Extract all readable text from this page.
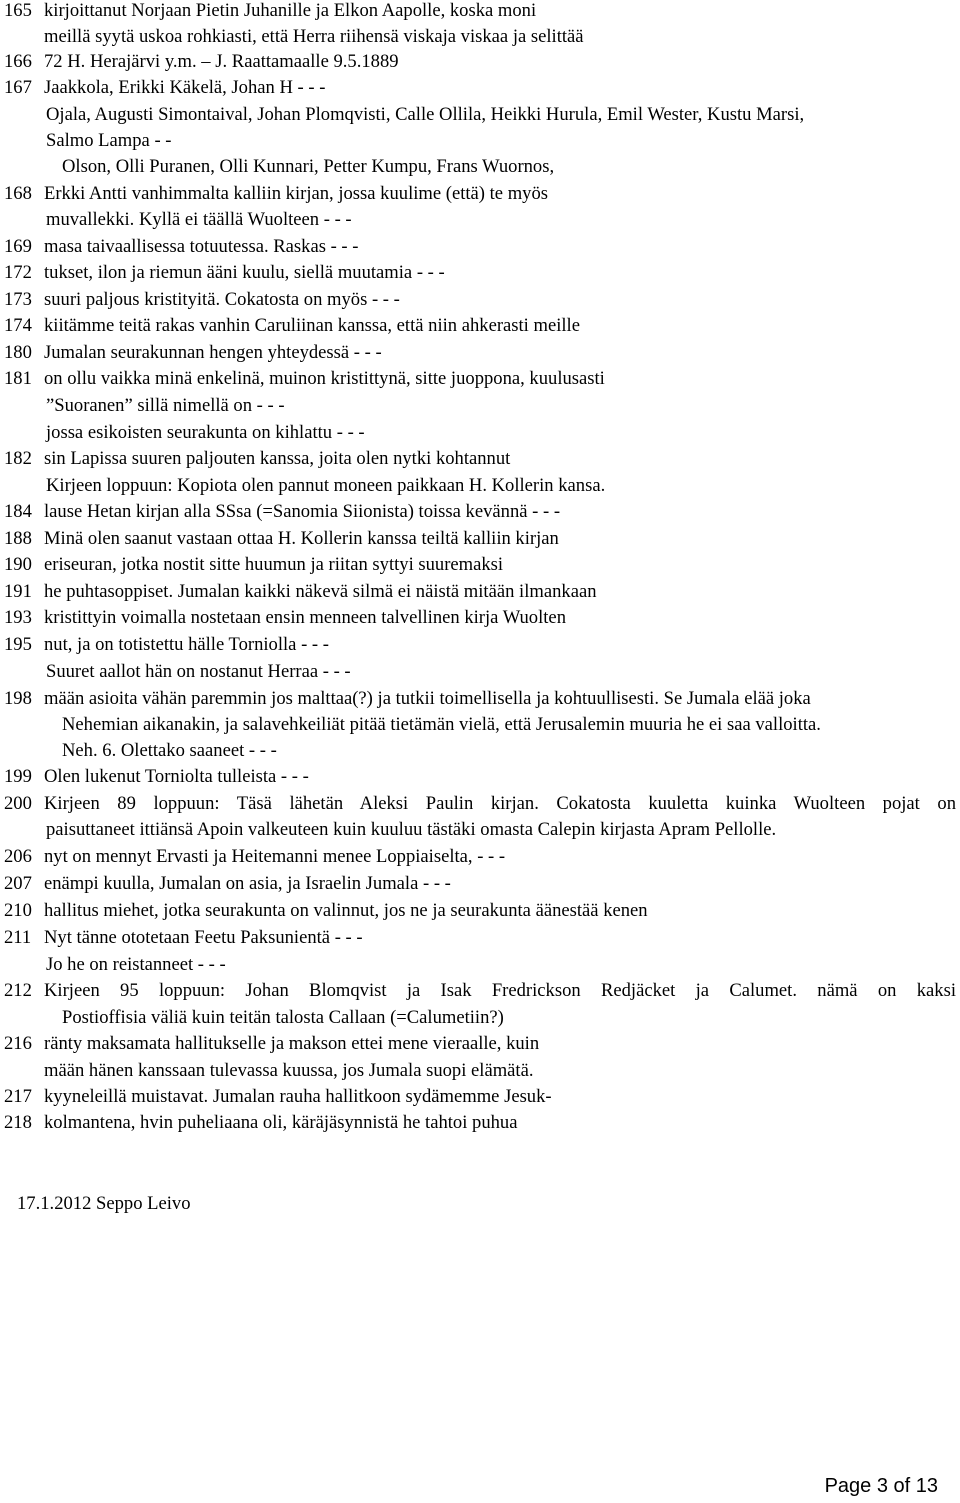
165 kirjoittanut Norjaan Pietin Juhanille ja Elkon Aapolle, koska moni
meillä syytä uskoa rohkiasti, että Herra riihensä viskaja viskaa ja selittää
166 72 H. Herajärvi y.m. – J. Raattamaalle 9.5.1889
167 Jaakkola, Erikki Käkelä, Johan H - - -
Ojala, Augusti Simontaival, Johan Plomqvisti, Calle Ollila, Heikki Hurula, Emil Wester, Kustu Marsi,
Salmo Lampa - -
Olson, Olli Puranen, Olli Kunnari, Petter Kumpu, Frans Wuornos,
168 Erkki Antti vanhimmalta kalliin kirjan, jossa kuulime (että) te myös
muvallekki. Kyllä ei täällä Wuolteen - - -
169 masa taivaallisessa totuutessa. Raskas - - -
172 tukset, ilon ja riemun ääni kuulu, siellä muutamia - - -
173 suuri paljous kristityitä. Cokatosta on myös - - -
174 kiitämme teitä rakas vanhin Caruliinan kanssa, että niin ahkerasti meille
180 Jumalan seurakunnan hengen yhteydessä - - -
181 on ollu vaikka minä enkelinä, muinon kristittynä, sitte juoppona, kuulusasti
”Suoranen” sillä nimellä on - - -
jossa esikoisten seurakunta on kihlattu - - -
182 sin Lapissa suuren paljouten kanssa, joita olen nytki kohtannut
Kirjeen loppuun: Kopiota olen pannut moneen paikkaan H. Kollerin kansa.
184 lause Hetan kirjan alla SSsa (=Sanomia Siionista) toissa kevännä - - -
188 Minä olen saanut vastaan ottaa H. Kollerin kanssa teiltä kalliin kirjan
190 eriseuran, jotka nostit sitte huumun ja riitan syttyi suuremaksi
191 he puhtasoppiset. Jumalan kaikki näkevä silmä ei näistä mitään ilmankaan
193 kristittyin voimalla nostetaan ensin menneen talvellinen kirja Wuolten
195 nut, ja on totistettu hälle Torniolla - - -
Suuret aallot hän on nostanut Herraa - - -
198 mään asioita vähän paremmin jos malttaa(?) ja tutkii toimellisella ja kohtuullisesti. Se Jumala elää joka
Nehemian aikanakin, ja salavehkeiliät pitää tietämän vielä, että Jerusalemin muuria he ei saa valloitta.
Neh. 6. Olettako saaneet - - -
199 Olen lukenut Torniolta tulleista - - -
200 Kirjeen 89 loppuun: Täsä lähetän Aleksi Paulin kirjan. Cokatosta kuuletta kuinka Wuolteen pojat on
paisuttaneet ittiänsä Apoin valkeuteen kuin kuuluu tästäki omasta Calepin kirjasta Apram Pellolle.
206 nyt on mennyt Ervasti ja Heitemanni menee Loppiaiselta, - - -
207 enämpi kuulla, Jumalan on asia, ja Israelin Jumala - - -
210 hallitus miehet, jotka seurakunta on valinnut, jos ne ja seurakunta äänestää kenen
211 Nyt tänne ototetaan Feetu Paksunientä - - -
Jo he on reistanneet - - -
212 Kirjeen 95 loppuun: Johan Blomqvist ja Isak Fredrickson Redjäcket ja Calumet. nämä on kaksi
Postioffisia väliä kuin teitän talosta Callaan (=Calumetiin?)
216 ränty maksamata hallitukselle ja makson ettei mene vieraalle, kuin
mään hänen kanssaan tulevassa kuussa, jos Jumala suopi elämätä.
217 kyyneleillä muistavat. Jumalan rauha hallitkoon sydämemme Jesuk-
218 kolmantena, hvin puheliaana oli, käräjäsynnistä he tahtoi puhua
17.1.2012 Seppo Leivo
Page 3 of 13
